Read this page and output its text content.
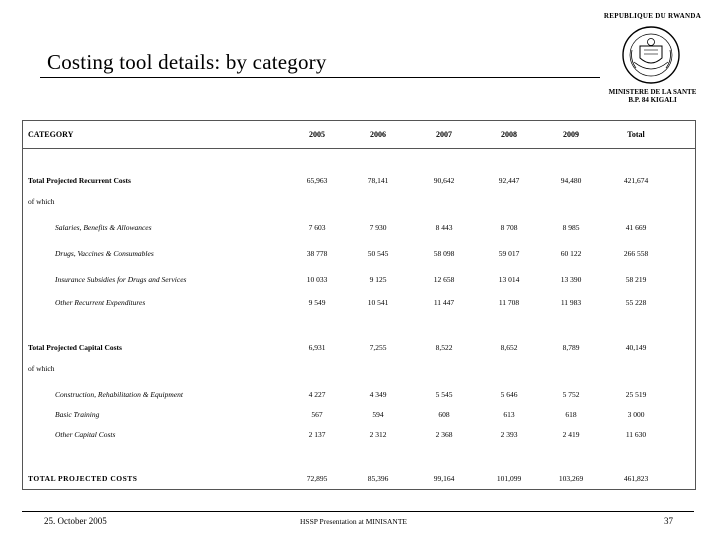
REPUBLIQUE DU RWANDA
MINISTERE DE LA SANTE
B.P. 84 KIGALI
Costing tool details: by category
CATEGORY	2005	2006	2007	2008	2009	Total
Total Projected Recurrent Costs	65,963	78,141	90,642	92,447	94,480	421,674
of which
Salaries, Benefits & Allowances	7 603	7 930	8 443	8 708	8 985	41 669
Drugs, Vaccines & Consumables	38 778	50 545	58 098	59 017	60 122	266 558
Insurance Subsidies for Drugs and Services	10 033	9 125	12 658	13 014	13 390	58 219
Other Recurrent Expenditures	9 549	10 541	11 447	11 708	11 983	55 228
Total Projected Capital Costs	6,931	7,255	8,522	8,652	8,789	40,149
of which
Construction, Rehabilitation & Equipment	4 227	4 349	5 545	5 646	5 752	25 519
Basic Training	567	594	608	613	618	3 000
Other Capital Costs	2 137	2 312	2 368	2 393	2 419	11 630
TOTAL PROJECTED COSTS	72,895	85,396	99,164	101,099	103,269	461,823
25. October 2005	HSSP Presentation at MINISANTE	37
